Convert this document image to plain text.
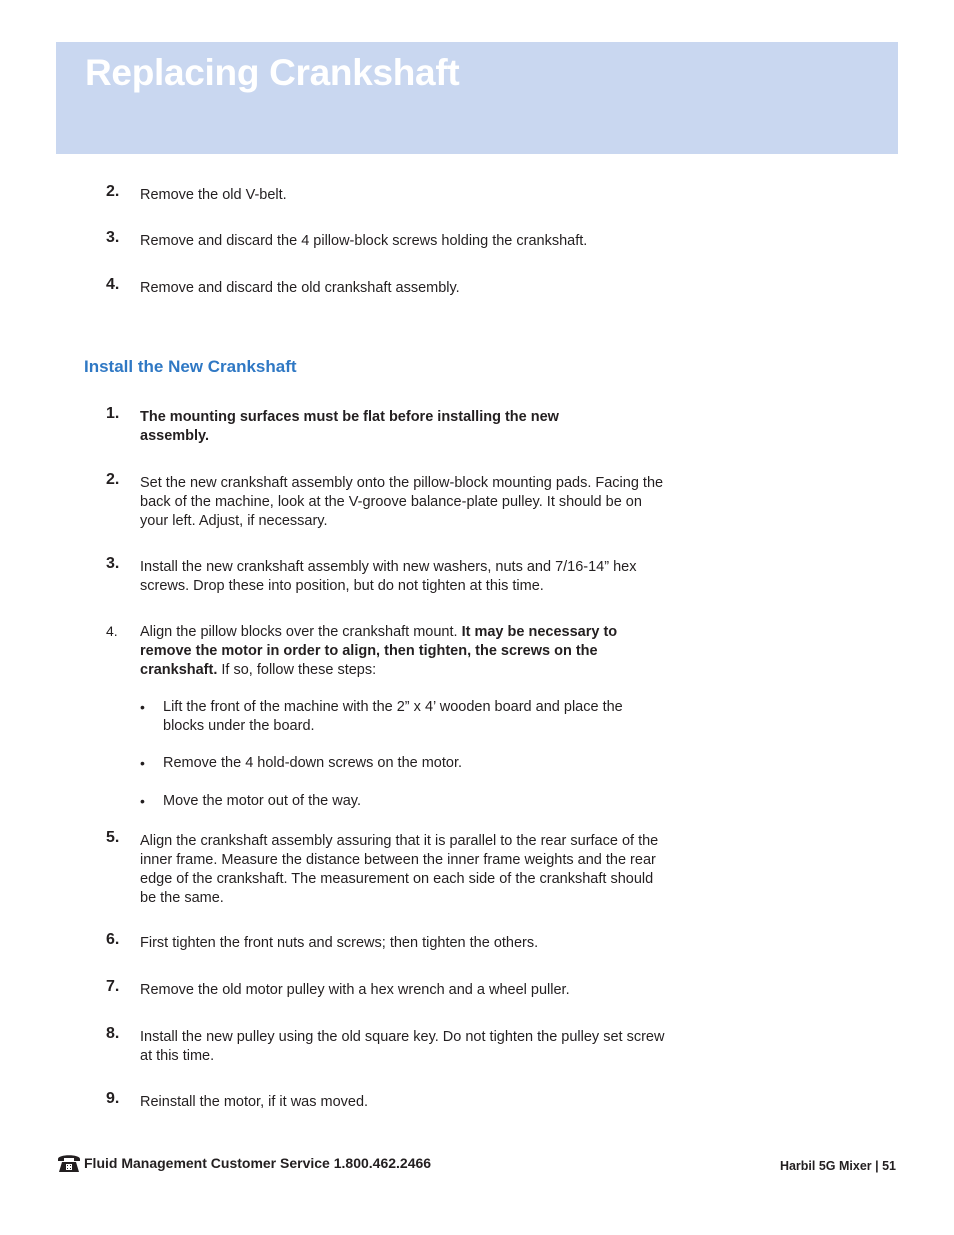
Replacing Crankshaft
2. Remove the old V-belt.
3. Remove and discard the 4 pillow-block screws holding the crankshaft.
4. Remove and discard the old crankshaft assembly.
Install the New Crankshaft
1. The mounting surfaces must be flat before installing the new assembly.
2. Set the new crankshaft assembly onto the pillow-block mounting pads. Facing the back of the machine, look at the V-groove balance-plate pulley. It should be on your left. Adjust, if necessary.
3. Install the new crankshaft assembly with new washers, nuts and 7/16-14” hex screws. Drop these into position, but do not tighten at this time.
4. Align the pillow blocks over the crankshaft mount. It may be necessary to remove the motor in order to align, then tighten, the screws on the crankshaft. If so, follow these steps:
• Lift the front of the machine with the 2” x 4’ wooden board and place the blocks under the board.
• Remove the 4 hold-down screws on the motor.
• Move the motor out of the way.
5. Align the crankshaft assembly assuring that it is parallel to the rear surface of the inner frame. Measure the distance between the inner frame weights and the rear edge of the crankshaft. The measurement on each side of the crankshaft should be the same.
6. First tighten the front nuts and screws; then tighten the others.
7. Remove the old motor pulley with a hex wrench and a wheel puller.
8. Install the new pulley using the old square key. Do not tighten the pulley set screw at this time.
9. Reinstall the motor, if it was moved.
Fluid Management Customer Service 1.800.462.2466	Harbil 5G Mixer | 51
